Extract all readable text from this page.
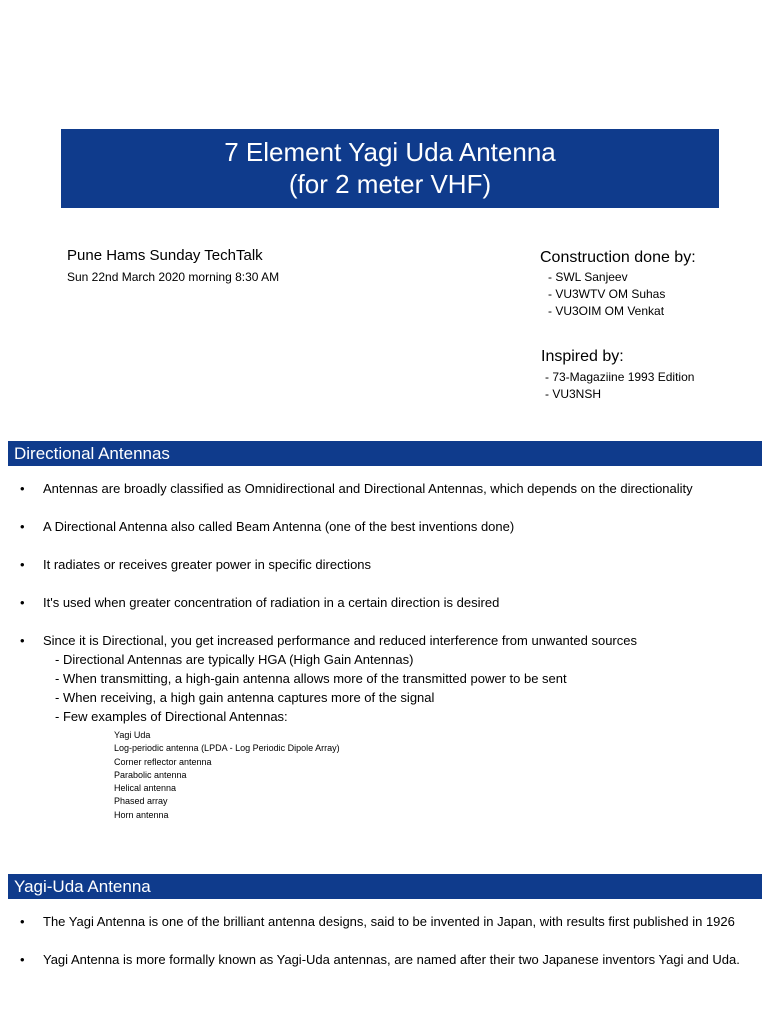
7 Element Yagi Uda Antenna
(for 2 meter VHF)
Pune Hams Sunday TechTalk
Sun 22nd March 2020 morning 8:30 AM
Construction done by:
- SWL Sanjeev
- VU3WTV OM Suhas
- VU3OIM OM Venkat
Inspired by:
- 73-Magaziine 1993 Edition
- VU3NSH
Directional Antennas
• Antennas are broadly classified as Omnidirectional and Directional Antennas, which depends on the directionality
• A Directional Antenna also called Beam Antenna (one of the best inventions done)
• It radiates or receives greater power in specific directions
• It's used when greater concentration of radiation in a certain direction is desired
• Since it is Directional, you get increased performance and reduced interference from unwanted sources
- Directional Antennas are typically HGA (High Gain Antennas)
- When transmitting, a high-gain antenna allows more of the transmitted power to be sent
- When receiving, a high gain antenna captures more of the signal
- Few examples of Directional Antennas:
Yagi Uda
Log-periodic antenna (LPDA - Log Periodic Dipole Array)
Corner reflector antenna
Parabolic antenna
Helical antenna
Phased array
Horn antenna
Yagi-Uda Antenna
• The Yagi Antenna is one of the brilliant antenna designs, said to be invented in Japan, with results first published in 1926
• Yagi Antenna is more formally known as Yagi-Uda antennas, are named after their two Japanese inventors Yagi and Uda.
